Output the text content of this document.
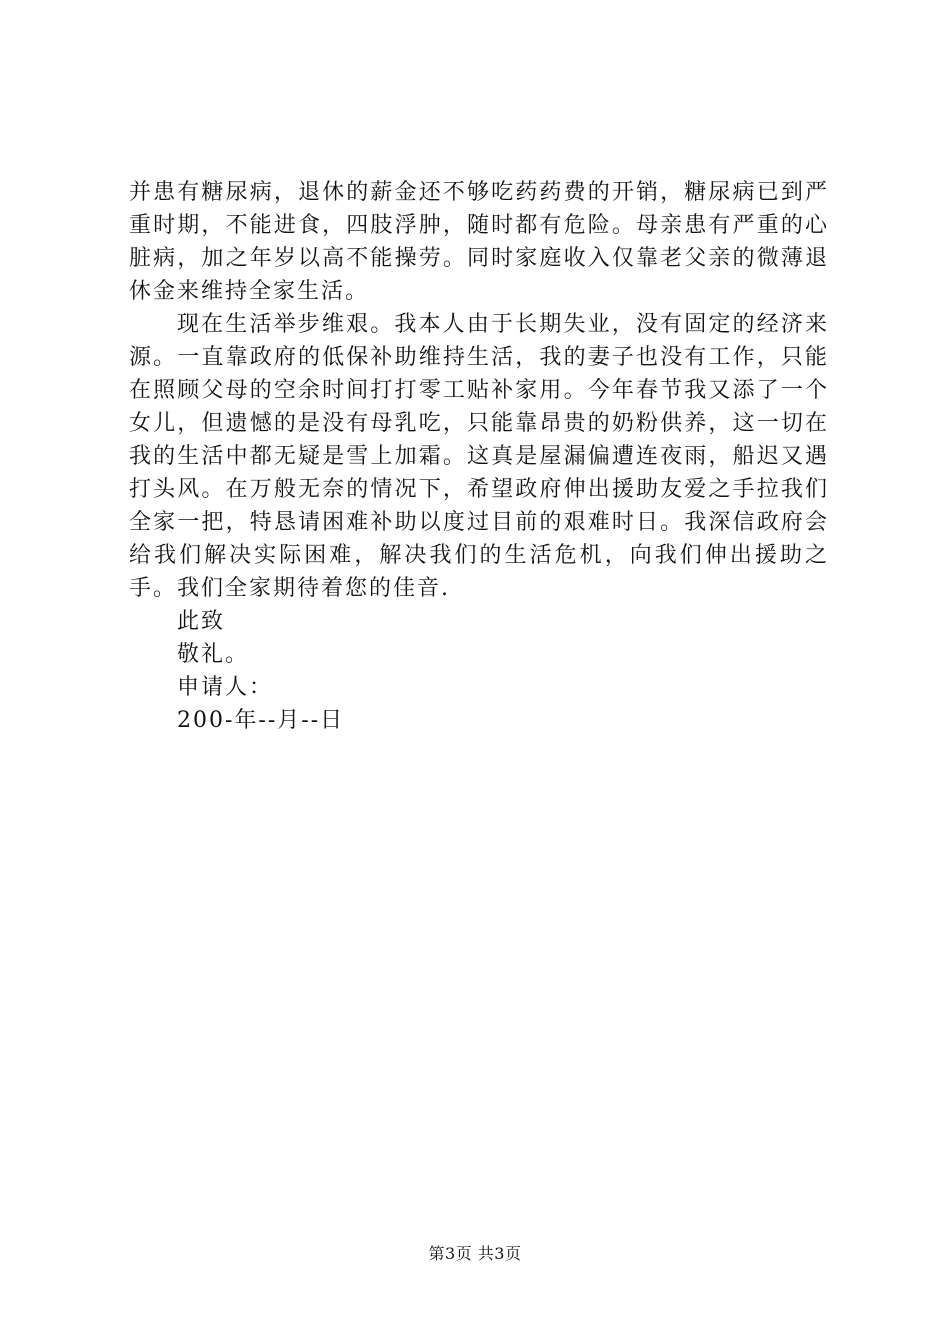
并患有糖尿病，退休的薪金还不够吃药药费的开销，糖尿病已到严重时期，不能进食，四肢浮肿，随时都有危险。母亲患有严重的心脏病，加之年岁以高不能操劳。同时家庭收入仅靠老父亲的微薄退休金来维持全家生活。

现在生活举步维艰。我本人由于长期失业，没有固定的经济来源。一直靠政府的低保补助维持生活，我的妻子也没有工作，只能在照顾父母的空余时间打打零工贴补家用。今年春节我又添了一个女儿，但遗憾的是没有母乳吃，只能靠昂贵的奶粉供养，这一切在我的生活中都无疑是雪上加霜。这真是屋漏偏遭连夜雨，船迟又遇打头风。在万般无奈的情况下，希望政府伸出援助友爱之手拉我们全家一把，特恳请困难补助以度过目前的艰难时日。我深信政府会给我们解决实际困难，解决我们的生活危机，向我们伸出援助之手。我们全家期待着您的佳音.

此致

敬礼。

申请人：

200-年--月--日

第3页 共3页
